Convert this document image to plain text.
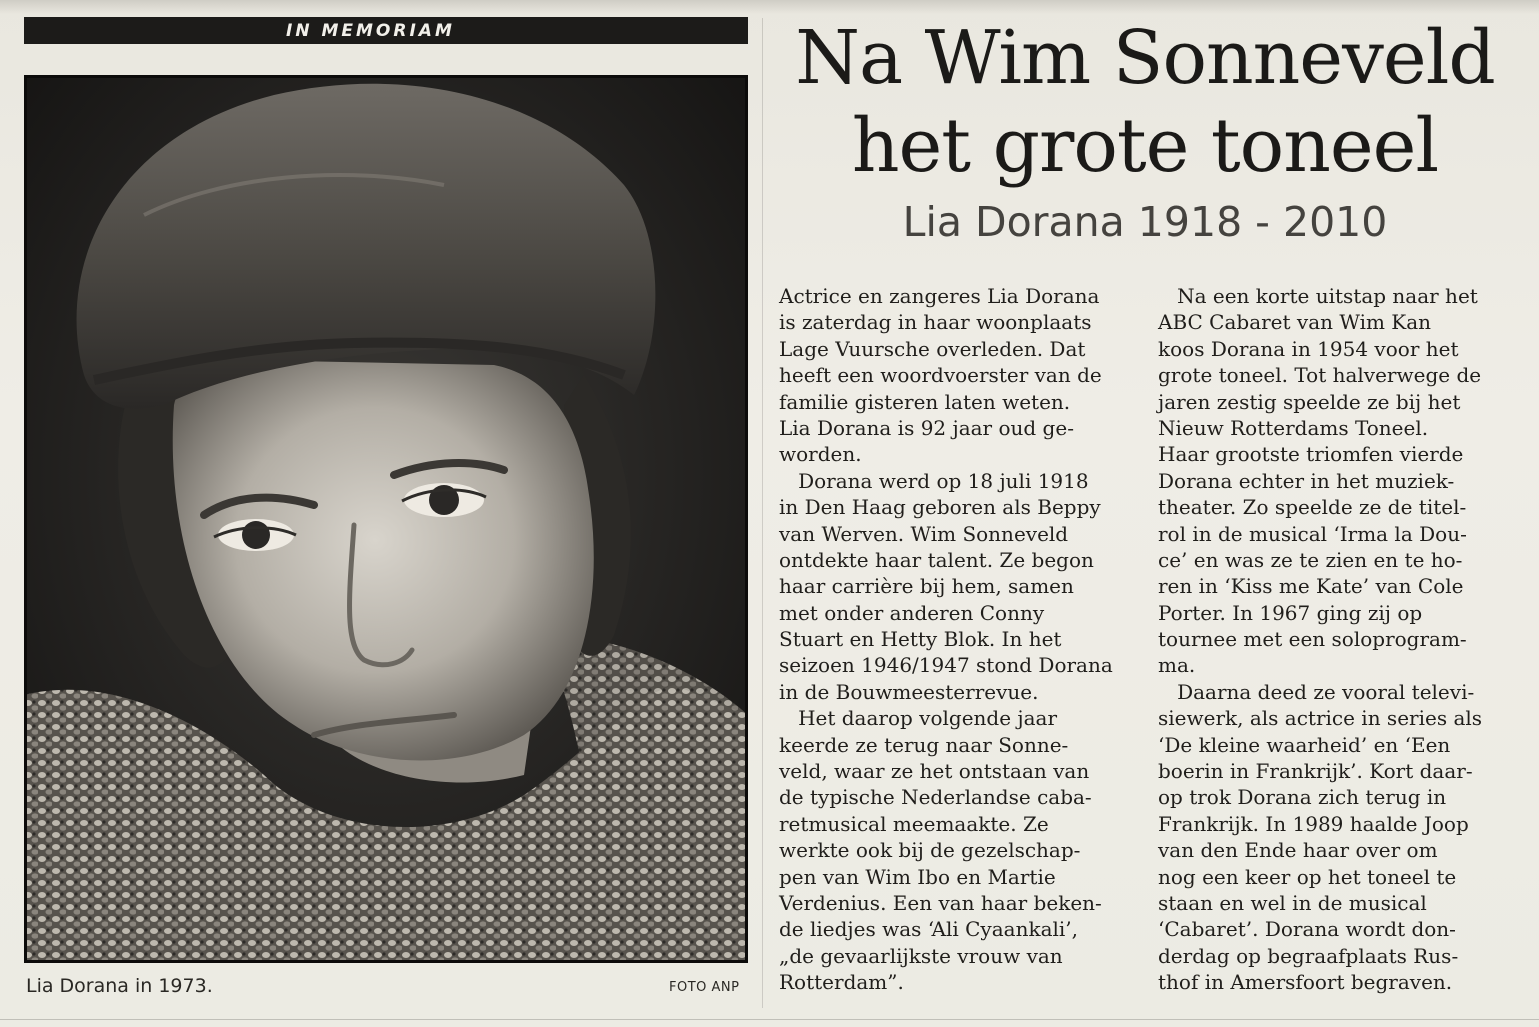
IN MEMORIAM
Lia Dorana in 1973.	FOTO ANP
Na Wim Sonneveld
het grote toneel
Lia Dorana 1918 - 2010
Actrice en zangeres Lia Dorana
is zaterdag in haar woonplaats
Lage Vuursche overleden. Dat
heeft een woordvoerster van de
familie gisteren laten weten.
Lia Dorana is 92 jaar oud ge-
worden.
Dorana werd op 18 juli 1918
in Den Haag geboren als Beppy
van Werven. Wim Sonneveld
ontdekte haar talent. Ze begon
haar carrière bij hem, samen
met onder anderen Conny
Stuart en Hetty Blok. In het
seizoen 1946/1947 stond Dorana
in de Bouwmeesterrevue.
Het daarop volgende jaar
keerde ze terug naar Sonne-
veld, waar ze het ontstaan van
de typische Nederlandse caba-
retmusical meemaakte. Ze
werkte ook bij de gezelschap-
pen van Wim Ibo en Martie
Verdenius. Een van haar beken-
de liedjes was ‘Ali Cyaankali’,
„de gevaarlijkste vrouw van
Rotterdam”.
Na een korte uitstap naar het
ABC Cabaret van Wim Kan
koos Dorana in 1954 voor het
grote toneel. Tot halverwege de
jaren zestig speelde ze bij het
Nieuw Rotterdams Toneel.
Haar grootste triomfen vierde
Dorana echter in het muziek-
theater. Zo speelde ze de titel-
rol in de musical ‘Irma la Dou-
ce’ en was ze te zien en te ho-
ren in ‘Kiss me Kate’ van Cole
Porter. In 1967 ging zij op
tournee met een soloprogram-
ma.
Daarna deed ze vooral televi-
siewerk, als actrice in series als
‘De kleine waarheid’ en ‘Een
boerin in Frankrijk’. Kort daar-
op trok Dorana zich terug in
Frankrijk. In 1989 haalde Joop
van den Ende haar over om
nog een keer op het toneel te
staan en wel in de musical
‘Cabaret’. Dorana wordt don-
derdag op begraafplaats Rus-
thof in Amersfoort begraven.
